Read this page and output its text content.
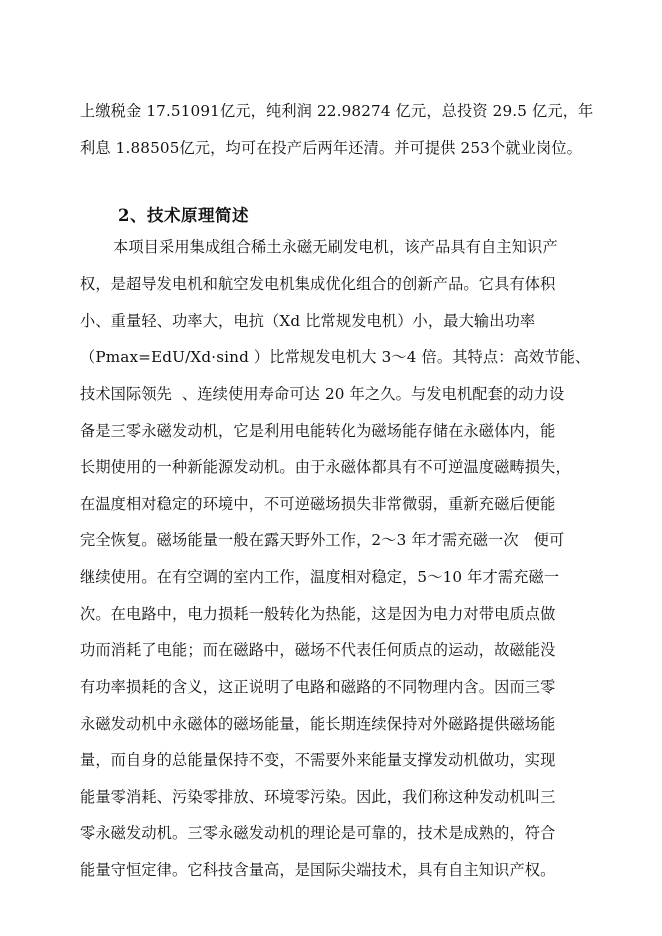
上缴税金 17.51091亿元，纯利润 22.98274 亿元，总投资 29.5 亿元，年
利息 1.88505亿元，均可在投产后两年还清。并可提供 253个就业岗位。
2、技术原理简述
本项目采用集成组合稀土永磁无刷发电机，该产品具有自主知识产
权，是超导发电机和航空发电机集成优化组合的创新产品。它具有体积
小、重量轻、功率大，电抗（Xd 比常规发电机）小，最大输出功率
（Pmax=EdU/Xd·sind ）比常规发电机大 3～4 倍。其特点：高效节能、
技术国际领先  、连续使用寿命可达 20 年之久。与发电机配套的动力设
备是三零永磁发动机，它是利用电能转化为磁场能存储在永磁体内，能
长期使用的一种新能源发动机。由于永磁体都具有不可逆温度磁畴损失，
在温度相对稳定的环境中，不可逆磁场损失非常微弱，重新充磁后便能
完全恢复。磁场能量一般在露天野外工作，2～3 年才需充磁一次   便可
继续使用。在有空调的室内工作，温度相对稳定，5～10 年才需充磁一
次。在电路中，电力损耗一般转化为热能，这是因为电力对带电质点做
功而消耗了电能；而在磁路中，磁场不代表任何质点的运动，故磁能没
有功率损耗的含义，这正说明了电路和磁路的不同物理内含。因而三零
永磁发动机中永磁体的磁场能量，能长期连续保持对外磁路提供磁场能
量，而自身的总能量保持不变，不需要外来能量支撑发动机做功，实现
能量零消耗、污染零排放、环境零污染。因此，我们称这种发动机叫三
零永磁发动机。三零永磁发动机的理论是可靠的，技术是成熟的，符合
能量守恒定律。它科技含量高，是国际尖端技术，具有自主知识产权。
